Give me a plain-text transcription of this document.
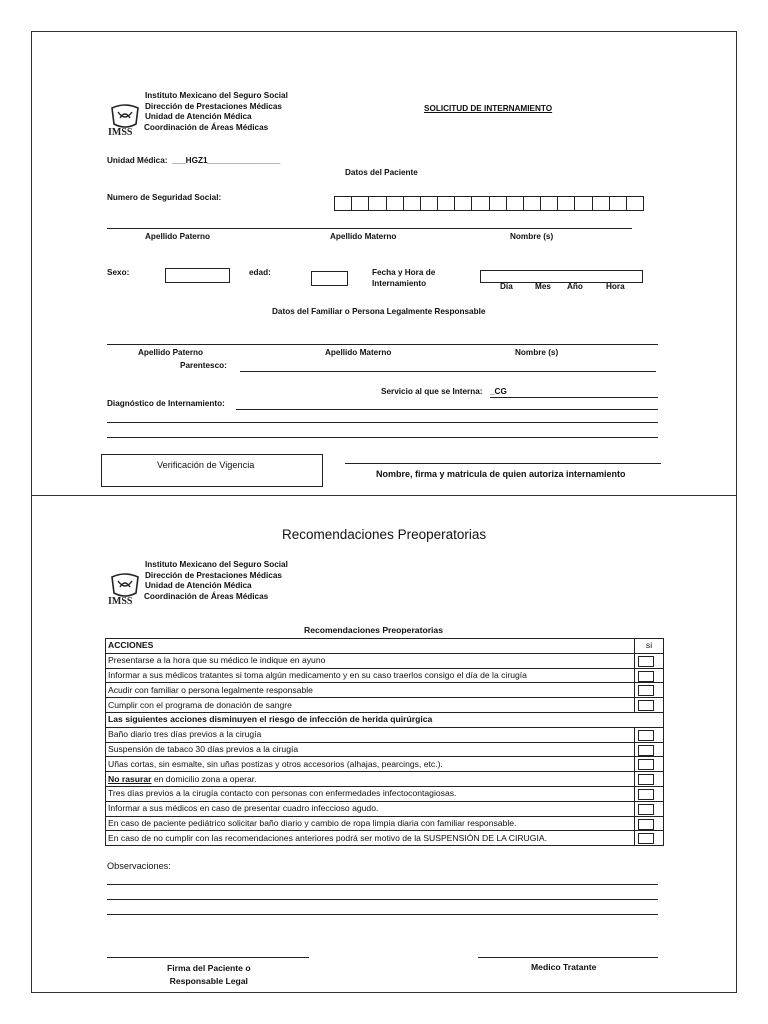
IMSS
Instituto Mexicano del Seguro Social
Dirección de Prestaciones Médicas
Unidad de Atención Médica
Coordinación de Áreas Médicas
SOLICITUD DE INTERNAMIENTO
Unidad Médica: ___HGZ1________________
Datos del Paciente
Numero de Seguridad Social:
Apellido Paterno	Apellido Materno	Nombre (s)
Sexo:	edad:	Fecha y Hora de
Internamiento	Día	Mes Año	Hora
Datos del Familiar o Persona Legalmente Responsable
Apellido Paterno	Apellido Materno	Nombre (s)
Parentesco:
Servicio al que se Interna: _CG
Diagnóstico de Internamiento:
Verificación de Vigencia
Nombre, firma y matricula de quien autoriza internamiento
Recomendaciones Preoperatorias
IMSS
Instituto Mexicano del Seguro Social
Dirección de Prestaciones Médicas
Unidad de Atención Médica
Coordinación de Áreas Médicas
Recomendaciones Preoperatorias
ACCIONES	si
Presentarse a la hora que su médico le indique en ayuno	

Informar a sus médicos tratantes si toma algún medicamento y en su caso traerlos consigo el día de la cirugía	

Acudir con familiar o persona legalmente responsable	

Cumplir con el programa de donación de sangre	

Las siguientes acciones disminuyen el riesgo de infección de herida quirúrgica	
Baño diario tres días previos a la cirugía	

Suspensión de tabaco 30 días previos a la cirugía	

Uñas cortas, sin esmalte, sin uñas postizas y otros accesorios (alhajas, pearcings, etc.).	

No rasurar en domicilio zona a operar.	

Tres días previos a la cirugía contacto con personas con enfermedades infectocontagiosas.	

Informar a sus médicos en caso de presentar cuadro infeccioso agudo.	

En caso de paciente pediátrico solicitar baño diario y cambio de ropa limpia diaria con familiar responsable.	

En caso de no cumplir con las recomendaciones anteriores podrá ser motivo de la SUSPENSIÓN DE LA CIRUGIA.	
Observaciones:
Firma del Paciente o
Responsable Legal
Medico Tratante
